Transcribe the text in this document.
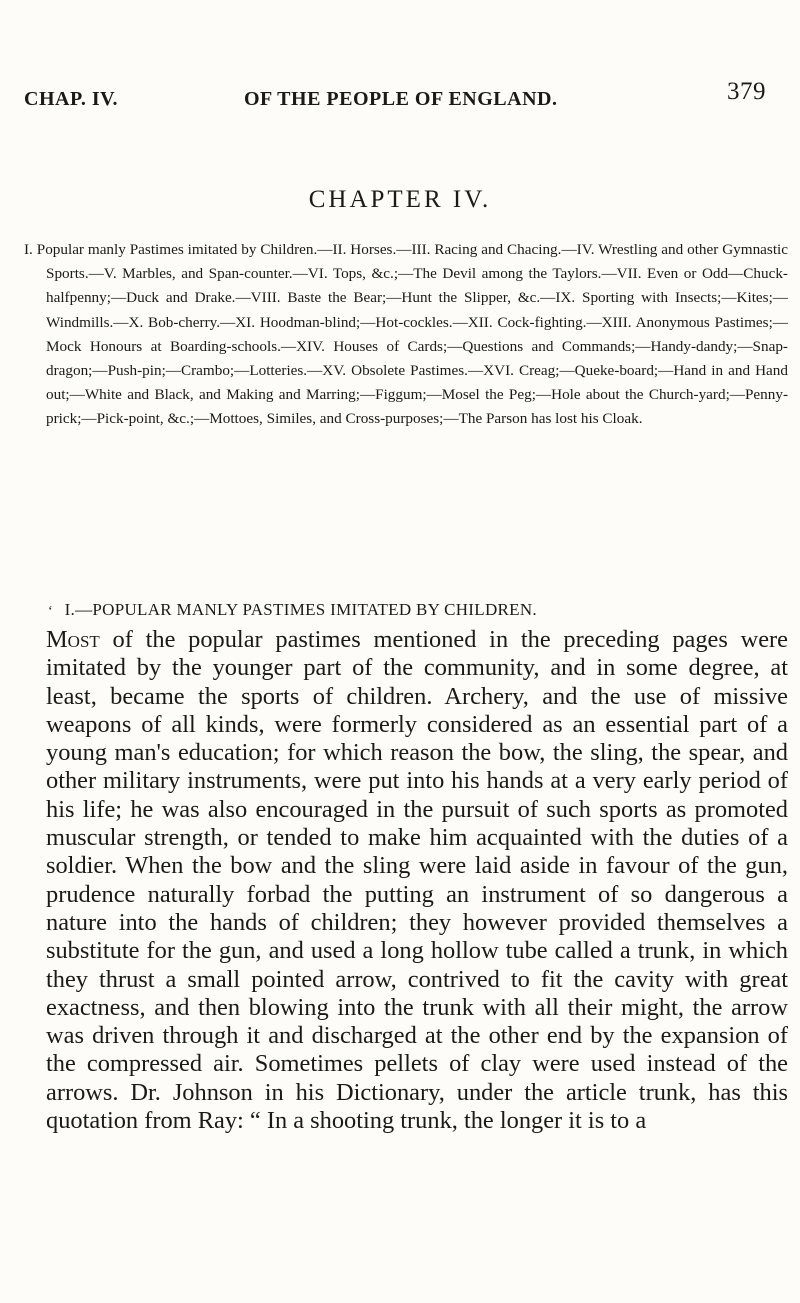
CHAP. IV.	OF THE PEOPLE OF ENGLAND.	379
CHAPTER IV.

I. Popular manly Pastimes imitated by Children.—II. Horses.—III. Racing and Chacing.—IV. Wrestling and other Gymnastic Sports.—V. Marbles, and Span-counter.—VI. Tops, &c.;—The Devil among the Taylors.—VII. Even or Odd—Chuck-halfpenny;—Duck and Drake.—VIII. Baste the Bear;—Hunt the Slipper, &c.—IX. Sporting with Insects;—Kites;—Windmills.—X. Bob-cherry.—XI. Hoodman-blind;—Hot-cockles.—XII. Cock-fighting.—XIII. Anonymous Pastimes;—Mock Honours at Boarding-schools.—XIV. Houses of Cards;—Questions and Commands;—Handy-dandy;—Snap-dragon;—Push-pin;—Crambo;—Lotteries.—XV. Obsolete Pastimes.—XVI. Creag;—Queke-board;—Hand in and Hand out;—White and Black, and Making and Marring;—Figgum;—Mosel the Peg;—Hole about the Church-yard;—Penny-prick;—Pick-point, &c.;—Mottoes, Similes, and Cross-purposes;—The Parson has lost his Cloak.

‘ I.—POPULAR MANLY PASTIMES IMITATED BY CHILDREN.

Most of the popular pastimes mentioned in the preceding pages were imitated by the younger part of the community, and in some degree, at least, became the sports of children. Archery, and the use of missive weapons of all kinds, were formerly considered as an essential part of a young man's education; for which reason the bow, the sling, the spear, and other military instruments, were put into his hands at a very early period of his life; he was also encouraged in the pursuit of such sports as promoted muscular strength, or tended to make him acquainted with the duties of a soldier. When the bow and the sling were laid aside in favour of the gun, prudence naturally forbad the putting an instrument of so dangerous a nature into the hands of children; they however provided themselves a substitute for the gun, and used a long hollow tube called a trunk, in which they thrust a small pointed arrow, contrived to fit the cavity with great exactness, and then blowing into the trunk with all their might, the arrow was driven through it and discharged at the other end by the expansion of the compressed air. Sometimes pellets of clay were used instead of the arrows. Dr. Johnson in his Dictionary, under the article trunk, has this quotation from Ray: “ In a shooting trunk, the longer it is to a
